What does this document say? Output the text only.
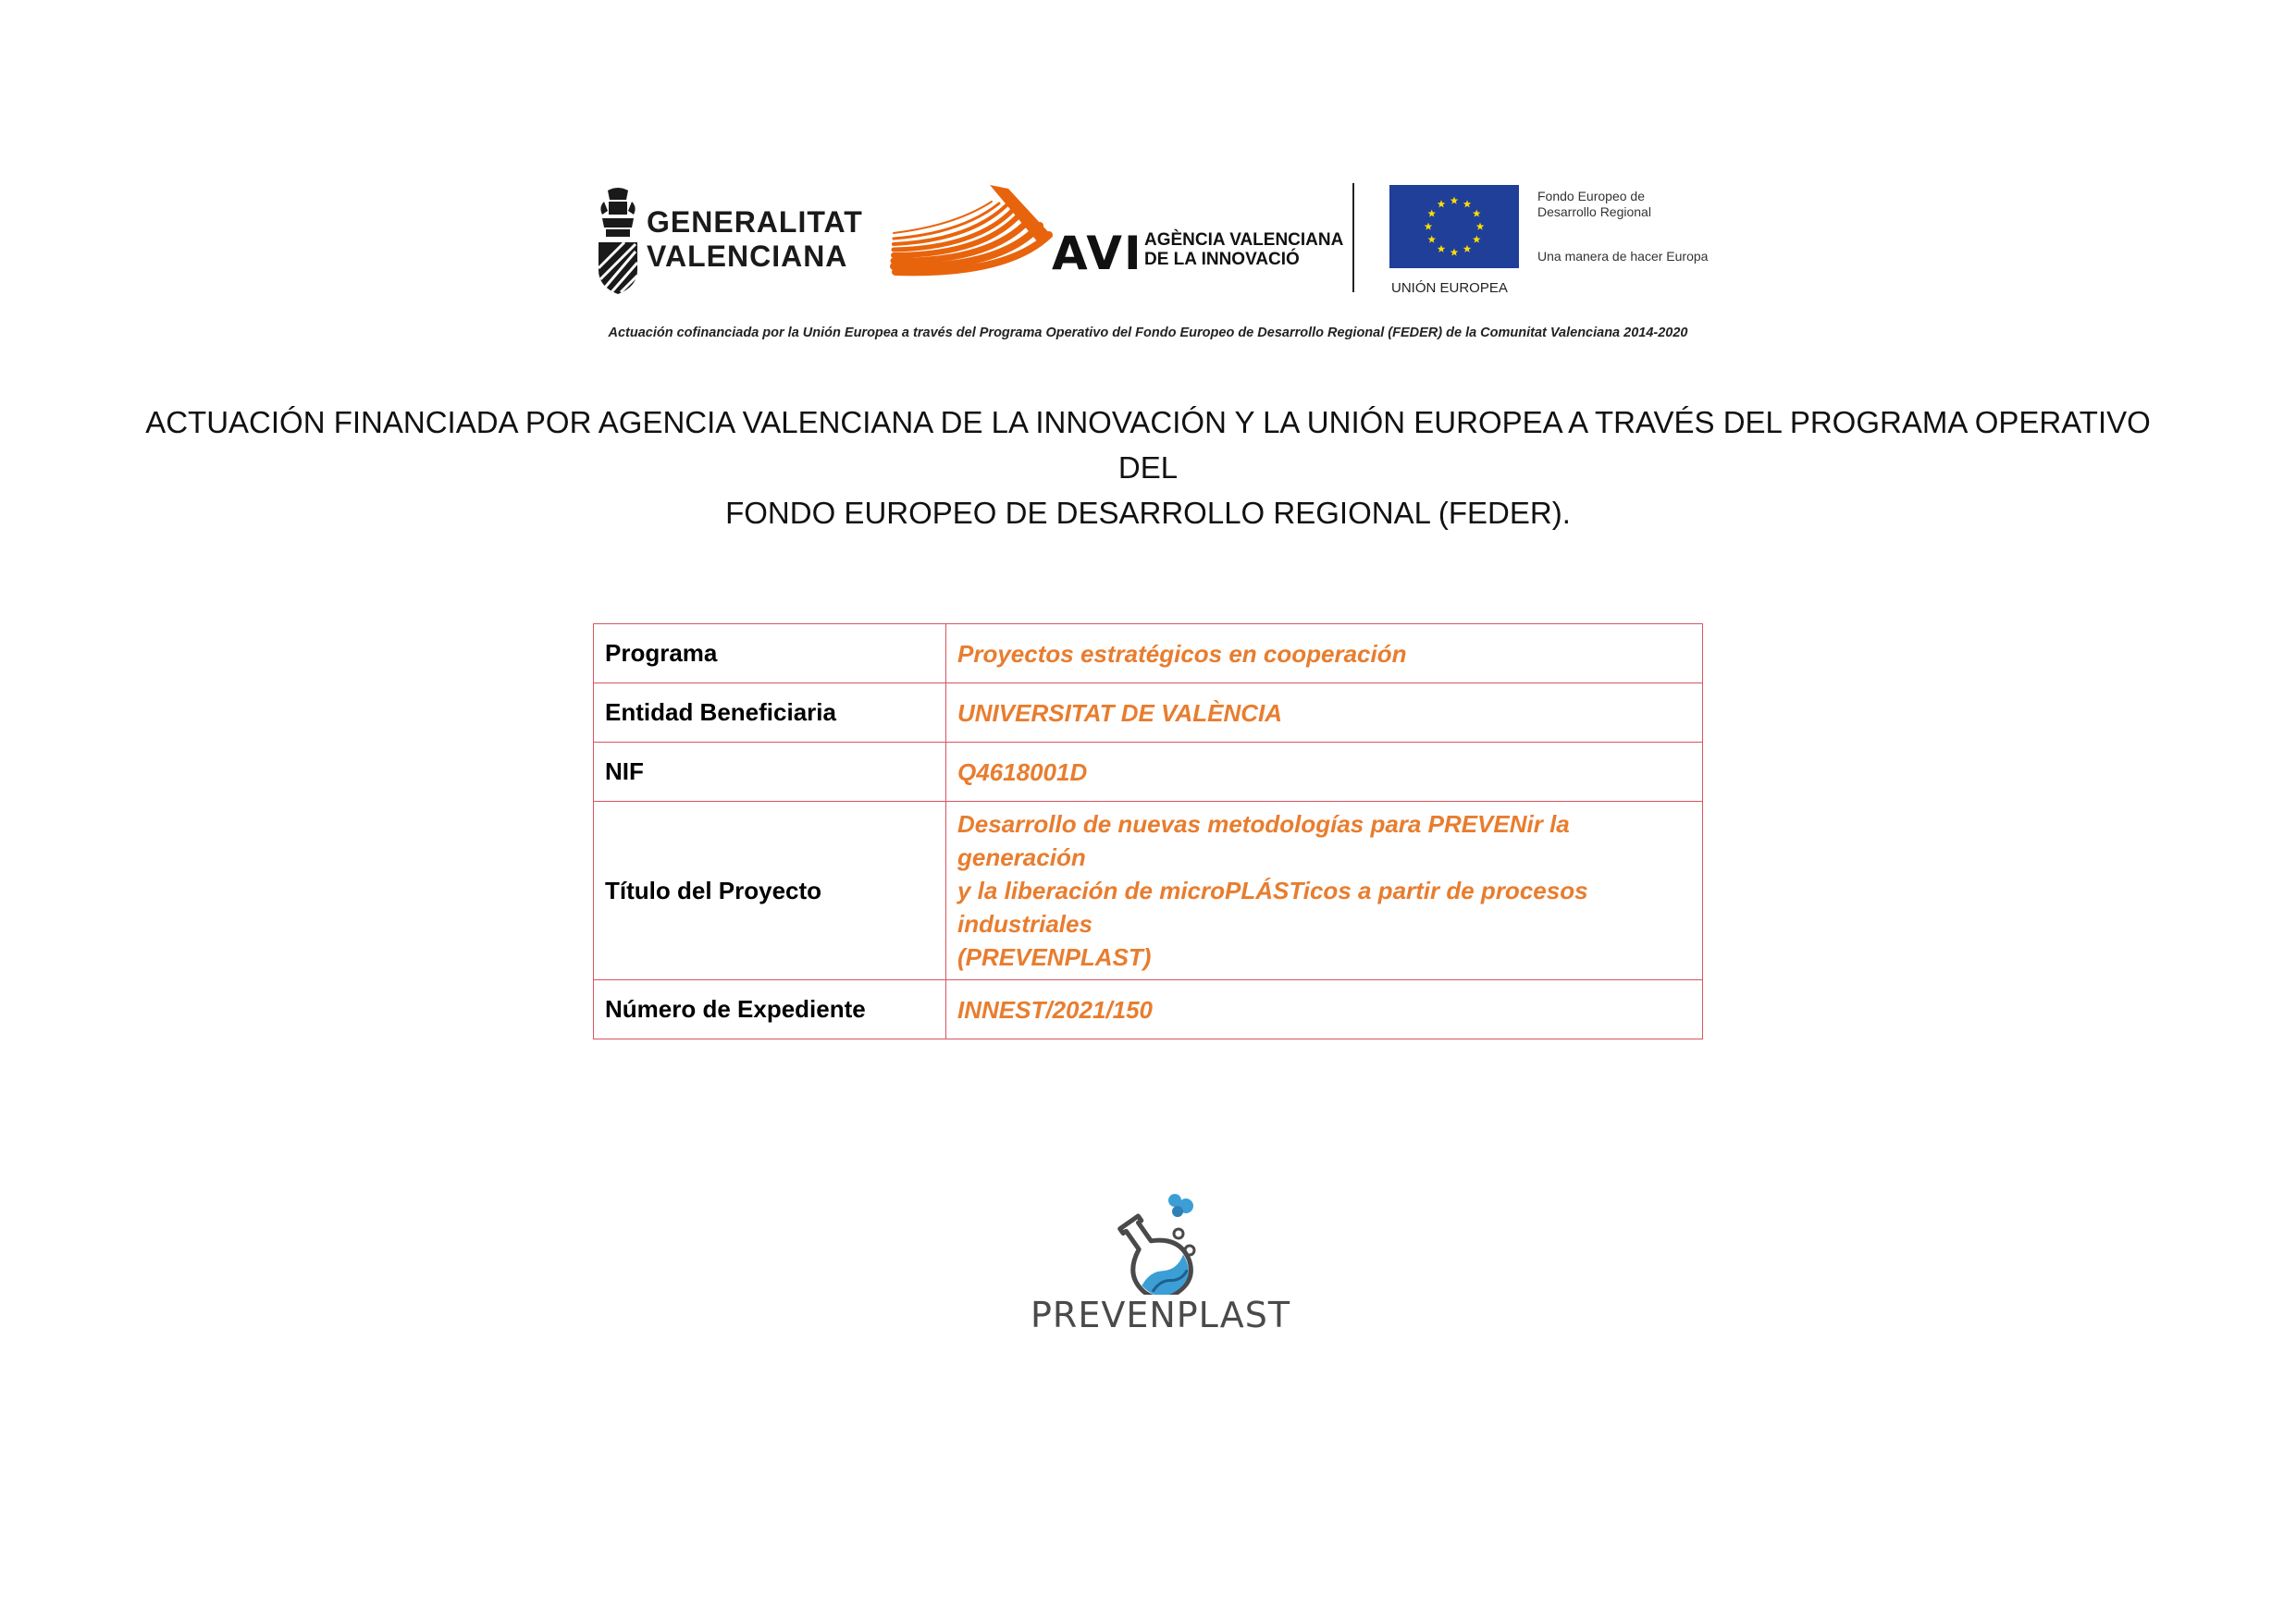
GENERALITAT
VALENCIANA	AVI AGÈNCIA VALENCIANA
DE LA INNOVACIÓ
UNIÓN EUROPEA
Fondo Europeo de
Desarrollo Regional
Una manera de hacer Europa
Actuación cofinanciada por la Unión Europea a través del Programa Operativo del Fondo Europeo de Desarrollo Regional (FEDER) de la Comunitat Valenciana 2014-2020
ACTUACIÓN FINANCIADA POR AGENCIA VALENCIANA DE LA INNOVACIÓN Y LA UNIÓN EUROPEA A TRAVÉS DEL PROGRAMA OPERATIVO DEL
FONDO EUROPEO DE DESARROLLO REGIONAL (FEDER).
Programa	Proyectos estratégicos en cooperación
Entidad Beneficiaria	UNIVERSITAT DE VALÈNCIA
NIF	Q4618001D
Título del Proyecto	Desarrollo de nuevas metodologías para PREVENir la generación
y la liberación de microPLÁSTicos a partir de procesos industriales
(PREVENPLAST)

Número de Expediente	INNEST/2021/150
PREVENPLAST
